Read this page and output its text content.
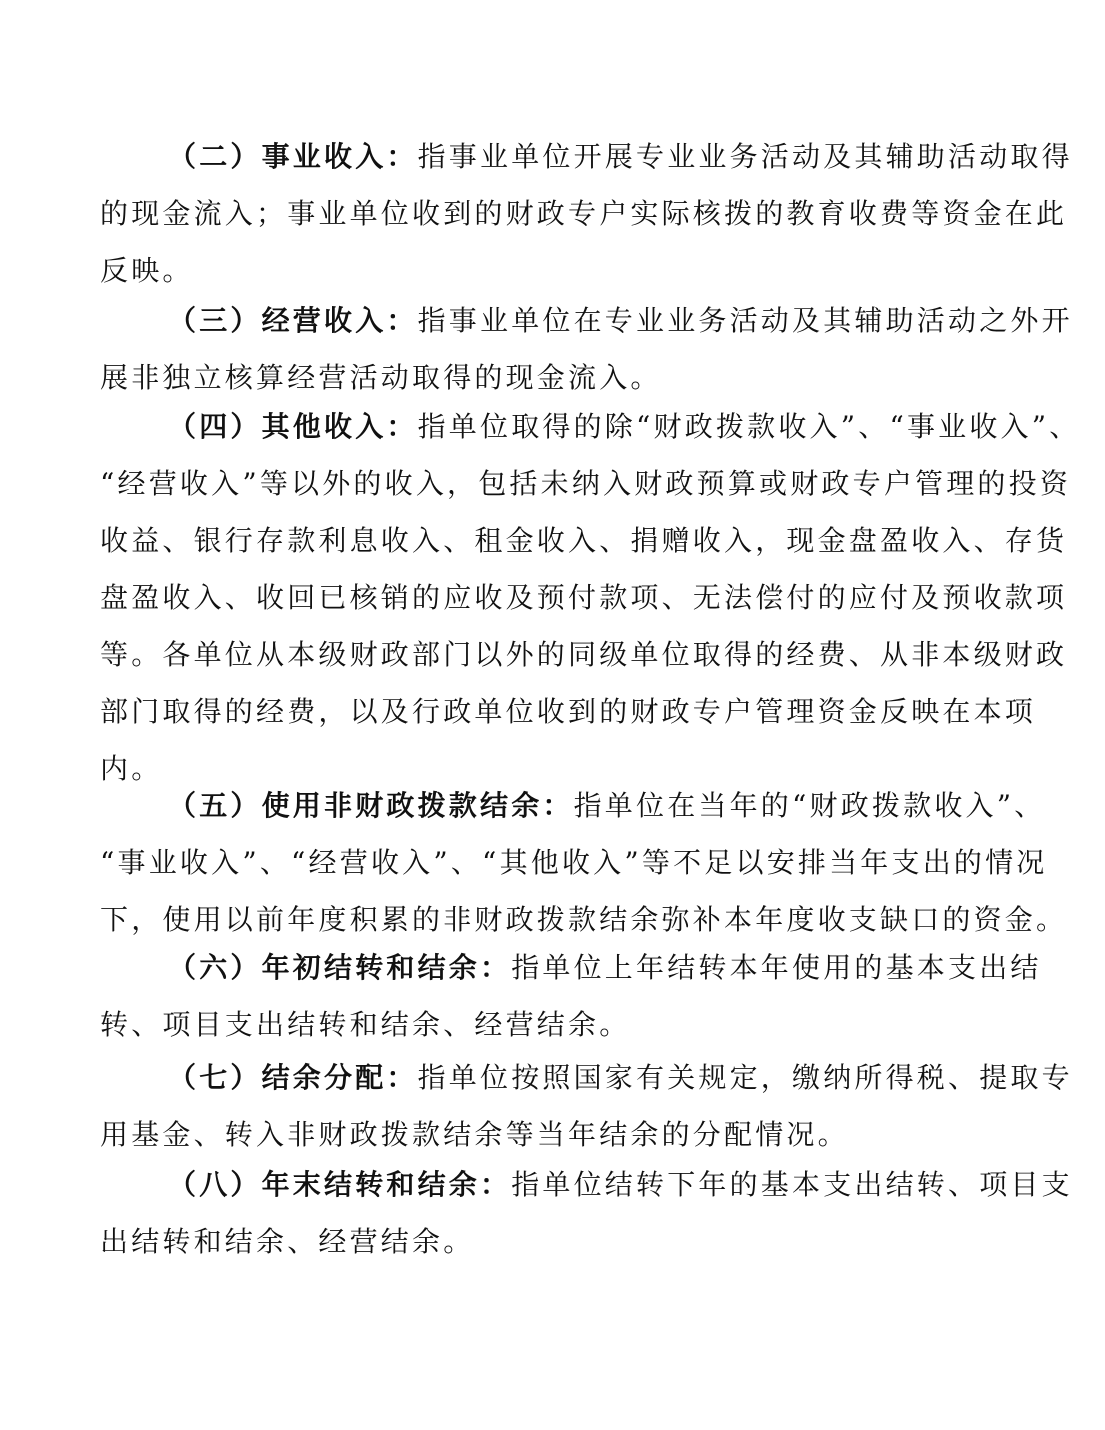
（二）事业收入：指事业单位开展专业业务活动及其辅助活动取得
的现金流入；事业单位收到的财政专户实际核拨的教育收费等资金在此
反映。
（三）经营收入：指事业单位在专业业务活动及其辅助活动之外开
展非独立核算经营活动取得的现金流入。
（四）其他收入：指单位取得的除“财政拨款收入”、“事业收入”、
“经营收入”等以外的收入，包括未纳入财政预算或财政专户管理的投资
收益、银行存款利息收入、租金收入、捐赠收入，现金盘盈收入、存货
盘盈收入、收回已核销的应收及预付款项、无法偿付的应付及预收款项
等。各单位从本级财政部门以外的同级单位取得的经费、从非本级财政
部门取得的经费，以及行政单位收到的财政专户管理资金反映在本项
内。
（五）使用非财政拨款结余：指单位在当年的“财政拨款收入”、
“事业收入”、“经营收入”、“其他收入”等不足以安排当年支出的情况
下，使用以前年度积累的非财政拨款结余弥补本年度收支缺口的资金。
（六）年初结转和结余：指单位上年结转本年使用的基本支出结
转、项目支出结转和结余、经营结余。
（七）结余分配：指单位按照国家有关规定，缴纳所得税、提取专
用基金、转入非财政拨款结余等当年结余的分配情况。
（八）年末结转和结余：指单位结转下年的基本支出结转、项目支
出结转和结余、经营结余。
